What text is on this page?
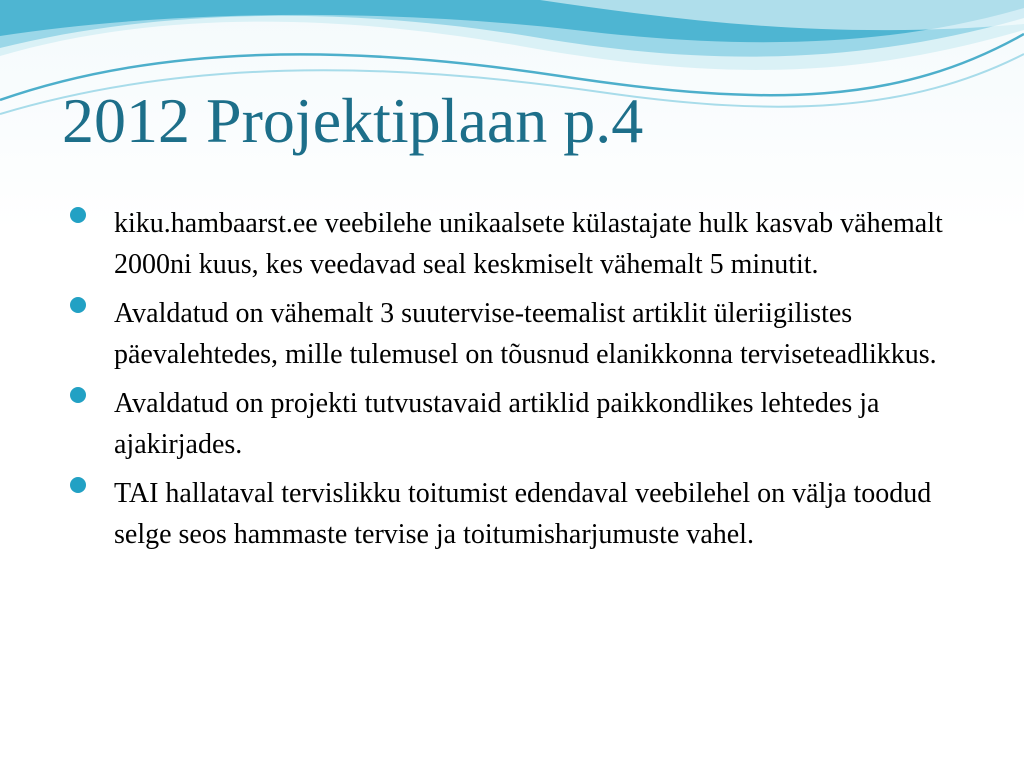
2012 Projektiplaan p.4
kiku.hambaarst.ee veebilehe unikaalsete külastajate hulk kasvab vähemalt 2000ni kuus, kes veedavad seal keskmiselt vähemalt 5 minutit.
Avaldatud on vähemalt 3 suutervise-teemalist artiklit üleriigilistes päevalehtedes, mille tulemusel on tõusnud elanikkonna terviseteadlikkus.
Avaldatud on projekti tutvustavaid artiklid paikkondlikes lehtedes ja ajakirjades.
TAI hallataval tervislikku toitumist edendaval veebilehel on välja toodud selge seos hammaste tervise ja toitumisharjumuste vahel.
